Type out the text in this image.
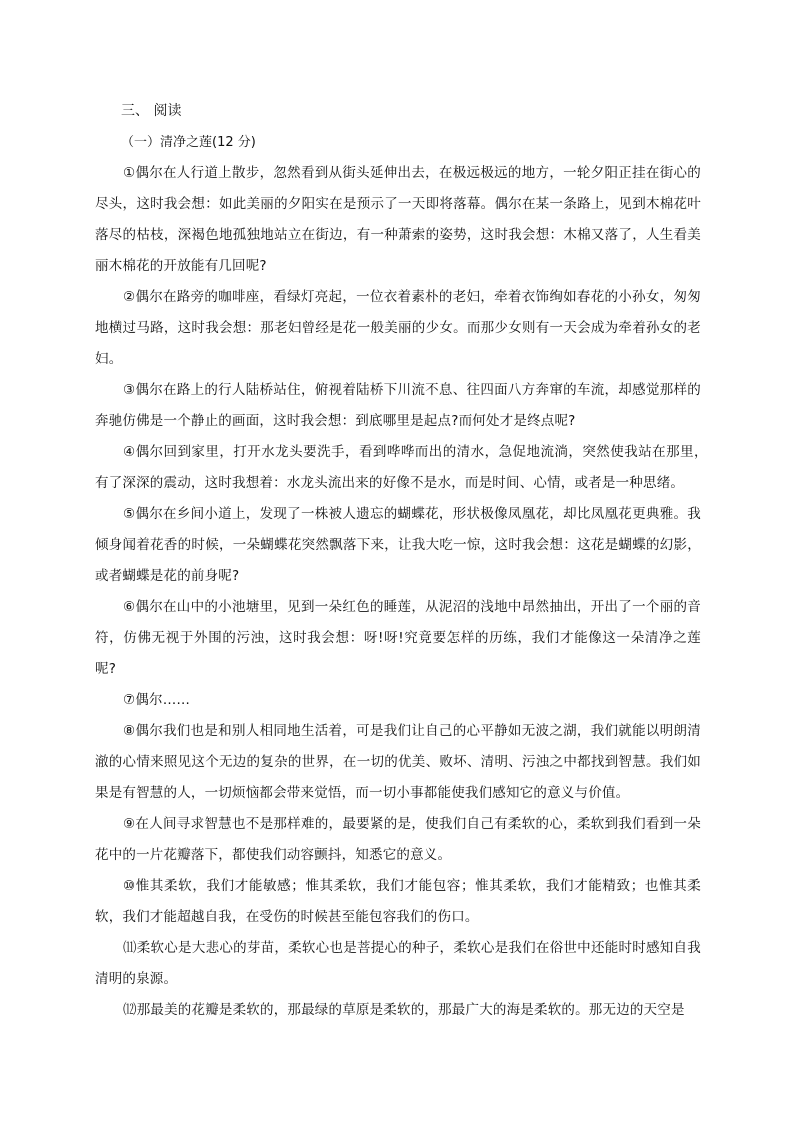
三、 阅读

（一）清净之莲(12 分)

①偶尔在人行道上散步，忽然看到从街头延伸出去，在极远极远的地方，一轮夕阳正挂在街心的尽头，这时我会想：如此美丽的夕阳实在是预示了一天即将落幕。偶尔在某一条路上，见到木棉花叶落尽的枯枝，深褐色地孤独地站立在街边，有一种萧索的姿势，这时我会想：木棉又落了，人生看美丽木棉花的开放能有几回呢?

②偶尔在路旁的咖啡座，看绿灯亮起，一位衣着素朴的老妇，牵着衣饰绚如春花的小孙女，匆匆地横过马路，这时我会想：那老妇曾经是花一般美丽的少女。而那少女则有一天会成为牵着孙女的老妇。

③偶尔在路上的行人陆桥站住，俯视着陆桥下川流不息、往四面八方奔窜的车流，却感觉那样的奔驰仿佛是一个静止的画面，这时我会想：到底哪里是起点?而何处才是终点呢?

④偶尔回到家里，打开水龙头要洗手，看到哗哗而出的清水，急促地流淌，突然使我站在那里，　　有了深深的震动，这时我想着：水龙头流出来的好像不是水，而是时间、心情，或者是一种思绪。

⑤偶尔在乡间小道上，发现了一株被人遗忘的蝴蝶花，形状极像凤凰花，却比凤凰花更典雅。我倾身闻着花香的时候，一朵蝴蝶花突然飘落下来，让我大吃一惊，这时我会想：这花是蝴蝶的幻影，或者蝴蝶是花的前身呢?

⑥偶尔在山中的小池塘里，见到一朵红色的睡莲，从泥沼的浅地中昂然抽出，开出了一个丽的音符，仿佛无视于外围的污浊，这时我会想：呀!呀!究竟要怎样的历练，我们才能像这一朵清净之莲呢?

⑦偶尔……

⑧偶尔我们也是和别人相同地生活着，可是我们让自己的心平静如无波之湖，我们就能以明朗清澈的心情来照见这个无边的复杂的世界，在一切的优美、败坏、清明、污浊之中都找到智慧。我们如果是有智慧的人，一切烦恼都会带来觉悟，而一切小事都能使我们感知它的意义与价值。

⑨在人间寻求智慧也不是那样难的，最要紧的是，使我们自己有柔软的心，柔软到我们看到一朵花中的一片花瓣落下，都使我们动容颤抖，知悉它的意义。

⑩惟其柔软，我们才能敏感；惟其柔软，我们才能包容；惟其柔软，我们才能精致；也惟其柔软，我们才能超越自我，在受伤的时候甚至能包容我们的伤口。

⑾柔软心是大悲心的芽苗，柔软心也是菩提心的种子，柔软心是我们在俗世中还能时时感知自我清明的泉源。

⑿那最美的花瓣是柔软的，那最绿的草原是柔软的，那最广大的海是柔软的。那无边的天空是
